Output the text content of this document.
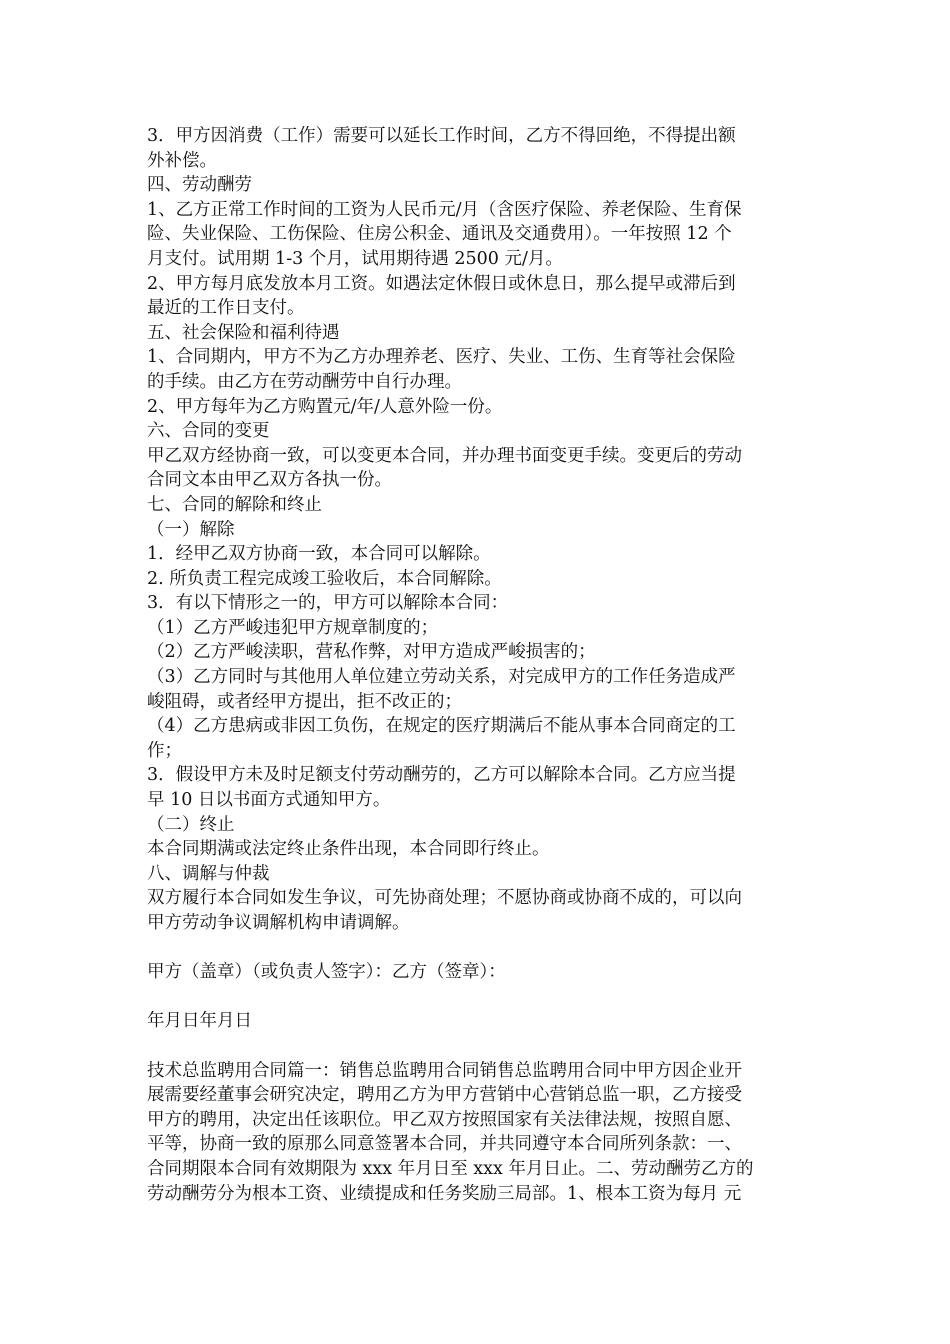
3．甲方因消费（工作）需要可以延长工作时间，乙方不得回绝，不得提出额

外补偿。

四、劳动酬劳

1、乙方正常工作时间的工资为人民币元/月（含医疗保险、养老保险、生育保

险、失业保险、工伤保险、住房公积金、通讯及交通费用）。一年按照 12 个

月支付。试用期 1-3 个月，试用期待遇 2500 元/月。

2、甲方每月底发放本月工资。如遇法定休假日或休息日，那么提早或滞后到

最近的工作日支付。

五、社会保险和福利待遇

1、合同期内，甲方不为乙方办理养老、医疗、失业、工伤、生育等社会保险

的手续。由乙方在劳动酬劳中自行办理。

2、甲方每年为乙方购置元/年/人意外险一份。

六、合同的变更

甲乙双方经协商一致，可以变更本合同，并办理书面变更手续。变更后的劳动

合同文本由甲乙双方各执一份。

七、合同的解除和终止

（一）解除

1．经甲乙双方协商一致，本合同可以解除。

2. 所负责工程完成竣工验收后，本合同解除。

3．有以下情形之一的，甲方可以解除本合同：

（1）乙方严峻违犯甲方规章制度的；

（2）乙方严峻渎职，营私作弊，对甲方造成严峻损害的；

（3）乙方同时与其他用人单位建立劳动关系，对完成甲方的工作任务造成严

峻阻碍，或者经甲方提出，拒不改正的；

（4）乙方患病或非因工负伤，在规定的医疗期满后不能从事本合同商定的工

作；

3．假设甲方未及时足额支付劳动酬劳的，乙方可以解除本合同。乙方应当提

早 10 日以书面方式通知甲方。

（二）终止

本合同期满或法定终止条件出现，本合同即行终止。

八、调解与仲裁

双方履行本合同如发生争议，可先协商处理；不愿协商或协商不成的，可以向

甲方劳动争议调解机构申请调解。

甲方（盖章）（或负责人签字）：乙方（签章）：

年月日年月日

技术总监聘用合同篇一：销售总监聘用合同销售总监聘用合同中甲方因企业开

展需要经董事会研究决定，聘用乙方为甲方营销中心营销总监一职，乙方接受

甲方的聘用，决定出任该职位。甲乙双方按照国家有关法律法规，按照自愿、

平等，协商一致的原那么同意签署本合同，并共同遵守本合同所列条款：一、

合同期限本合同有效期限为 xxx 年月日至 xxx 年月日止。二、劳动酬劳乙方的

劳动酬劳分为根本工资、业绩提成和任务奖励三局部。1、根本工资为每月 元
